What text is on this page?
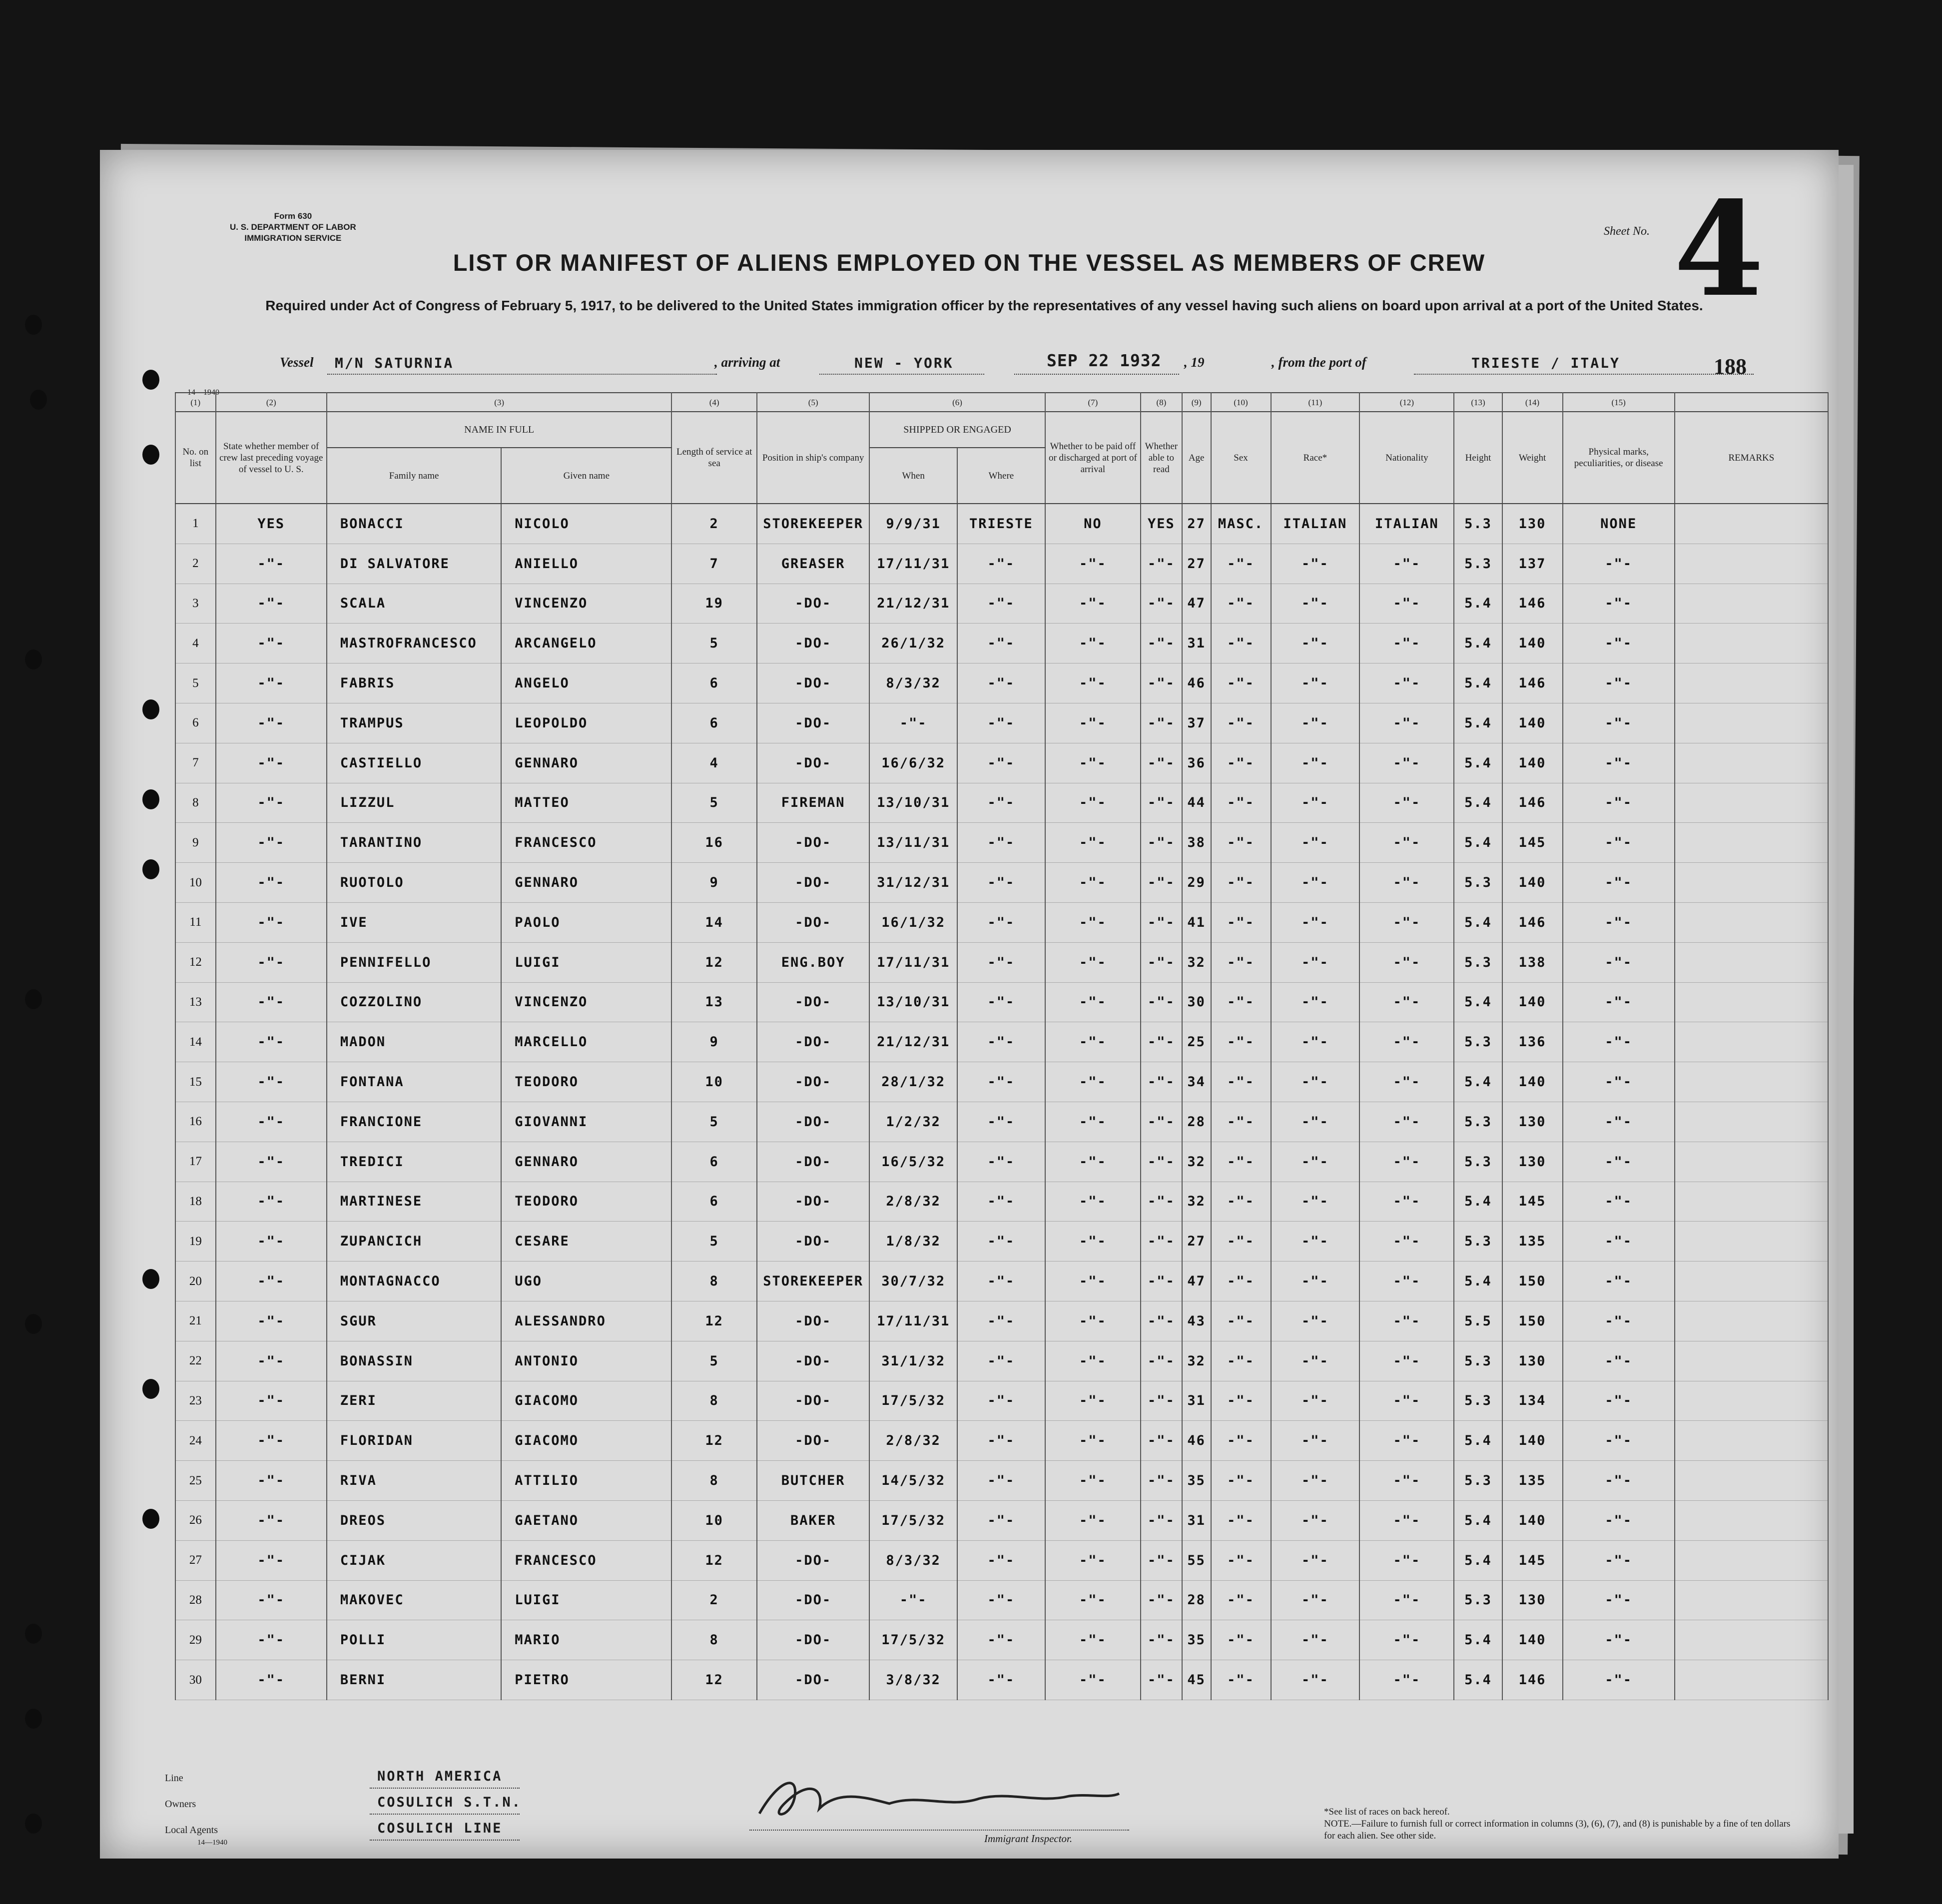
Form 630
U. S. DEPARTMENT OF LABOR
IMMIGRATION SERVICE
14—1940
LIST OR MANIFEST OF ALIENS EMPLOYED ON THE VESSEL AS MEMBERS OF CREW
Required under Act of Congress of February 5, 1917, to be delivered to the United States immigration officer by the representatives of any vessel having such aliens on board upon arrival at a port of the United States.
Sheet No. 4
Vessel M/N SATURNIA	, arriving at	NEW - YORK	SEP 22 1932 , 19	, from the port of	TRIESTE / ITALY	188
(1)	(2)	(3)		(4)	(5)	(6)		(7)	(8)	(9)	(10)	(11)	(12)	(13)	(14)	(15)	
No. on list	State whether member of crew last preceding voyage of vessel to U. S.	NAME IN FULL		Length of service at sea	Position in ship's company	SHIPPED OR ENGAGED		Whether to be paid off or discharged at port of arrival	Whether able to read	Age	Sex	Race*	Nationality	Height	Weight	Physical marks, peculiarities, or disease	REMARKS
		Family name	Given name			When	Where										
1	YES	BONACCI	NICOLO	2	STOREKEEPER	9/9/31	TRIESTE	NO	YES	27	MASC.	ITALIAN	ITALIAN	5.3	130	NONE	
2	-"-	DI SALVATORE	ANIELLO	7	GREASER	17/11/31	-"-	-"-	-"-	27	-"-	-"-	-"-	5.3	137	-"-	
3	-"-	SCALA	VINCENZO	19	-DO-	21/12/31	-"-	-"-	-"-	47	-"-	-"-	-"-	5.4	146	-"-	
4	-"-	MASTROFRANCESCO	ARCANGELO	5	-DO-	26/1/32	-"-	-"-	-"-	31	-"-	-"-	-"-	5.4	140	-"-	
5	-"-	FABRIS	ANGELO	6	-DO-	8/3/32	-"-	-"-	-"-	46	-"-	-"-	-"-	5.4	146	-"-	
6	-"-	TRAMPUS	LEOPOLDO	6	-DO-	-"-	-"-	-"-	-"-	37	-"-	-"-	-"-	5.4	140	-"-	
7	-"-	CASTIELLO	GENNARO	4	-DO-	16/6/32	-"-	-"-	-"-	36	-"-	-"-	-"-	5.4	140	-"-	
8	-"-	LIZZUL	MATTEO	5	FIREMAN	13/10/31	-"-	-"-	-"-	44	-"-	-"-	-"-	5.4	146	-"-	
9	-"-	TARANTINO	FRANCESCO	16	-DO-	13/11/31	-"-	-"-	-"-	38	-"-	-"-	-"-	5.4	145	-"-	
10	-"-	RUOTOLO	GENNARO	9	-DO-	31/12/31	-"-	-"-	-"-	29	-"-	-"-	-"-	5.3	140	-"-	
11	-"-	IVE	PAOLO	14	-DO-	16/1/32	-"-	-"-	-"-	41	-"-	-"-	-"-	5.4	146	-"-	
12	-"-	PENNIFELLO	LUIGI	12	ENG.BOY	17/11/31	-"-	-"-	-"-	32	-"-	-"-	-"-	5.3	138	-"-	
13	-"-	COZZOLINO	VINCENZO	13	-DO-	13/10/31	-"-	-"-	-"-	30	-"-	-"-	-"-	5.4	140	-"-	
14	-"-	MADON	MARCELLO	9	-DO-	21/12/31	-"-	-"-	-"-	25	-"-	-"-	-"-	5.3	136	-"-	
15	-"-	FONTANA	TEODORO	10	-DO-	28/1/32	-"-	-"-	-"-	34	-"-	-"-	-"-	5.4	140	-"-	
16	-"-	FRANCIONE	GIOVANNI	5	-DO-	1/2/32	-"-	-"-	-"-	28	-"-	-"-	-"-	5.3	130	-"-	
17	-"-	TREDICI	GENNARO	6	-DO-	16/5/32	-"-	-"-	-"-	32	-"-	-"-	-"-	5.3	130	-"-	
18	-"-	MARTINESE	TEODORO	6	-DO-	2/8/32	-"-	-"-	-"-	32	-"-	-"-	-"-	5.4	145	-"-	
19	-"-	ZUPANCICH	CESARE	5	-DO-	1/8/32	-"-	-"-	-"-	27	-"-	-"-	-"-	5.3	135	-"-	
20	-"-	MONTAGNACCO	UGO	8	STOREKEEPER	30/7/32	-"-	-"-	-"-	47	-"-	-"-	-"-	5.4	150	-"-	
21	-"-	SGUR	ALESSANDRO	12	-DO-	17/11/31	-"-	-"-	-"-	43	-"-	-"-	-"-	5.5	150	-"-	
22	-"-	BONASSIN	ANTONIO	5	-DO-	31/1/32	-"-	-"-	-"-	32	-"-	-"-	-"-	5.3	130	-"-	
23	-"-	ZERI	GIACOMO	8	-DO-	17/5/32	-"-	-"-	-"-	31	-"-	-"-	-"-	5.3	134	-"-	
24	-"-	FLORIDAN	GIACOMO	12	-DO-	2/8/32	-"-	-"-	-"-	46	-"-	-"-	-"-	5.4	140	-"-	
25	-"-	RIVA	ATTILIO	8	BUTCHER	14/5/32	-"-	-"-	-"-	35	-"-	-"-	-"-	5.3	135	-"-	
26	-"-	DREOS	GAETANO	10	BAKER	17/5/32	-"-	-"-	-"-	31	-"-	-"-	-"-	5.4	140	-"-	
27	-"-	CIJAK	FRANCESCO	12	-DO-	8/3/32	-"-	-"-	-"-	55	-"-	-"-	-"-	5.4	145	-"-	
28	-"-	MAKOVEC	LUIGI	2	-DO-	-"-	-"-	-"-	-"-	28	-"-	-"-	-"-	5.3	130	-"-	
29	-"-	POLLI	MARIO	8	-DO-	17/5/32	-"-	-"-	-"-	35	-"-	-"-	-"-	5.4	140	-"-	
30	-"-	BERNI	PIETRO	12	-DO-	3/8/32	-"-	-"-	-"-	45	-"-	-"-	-"-	5.4	146	-"-	
Line	NORTH AMERICA
Owners	COSULICH S.T.N.
Local Agents	COSULICH LINE
14—1940	Immigrant Inspector.
*See list of races on back hereof.
NOTE.—Failure to furnish full or correct information in columns (3), (6), (7), and (8) is punishable by a fine of ten dollars for each alien. See other side.
